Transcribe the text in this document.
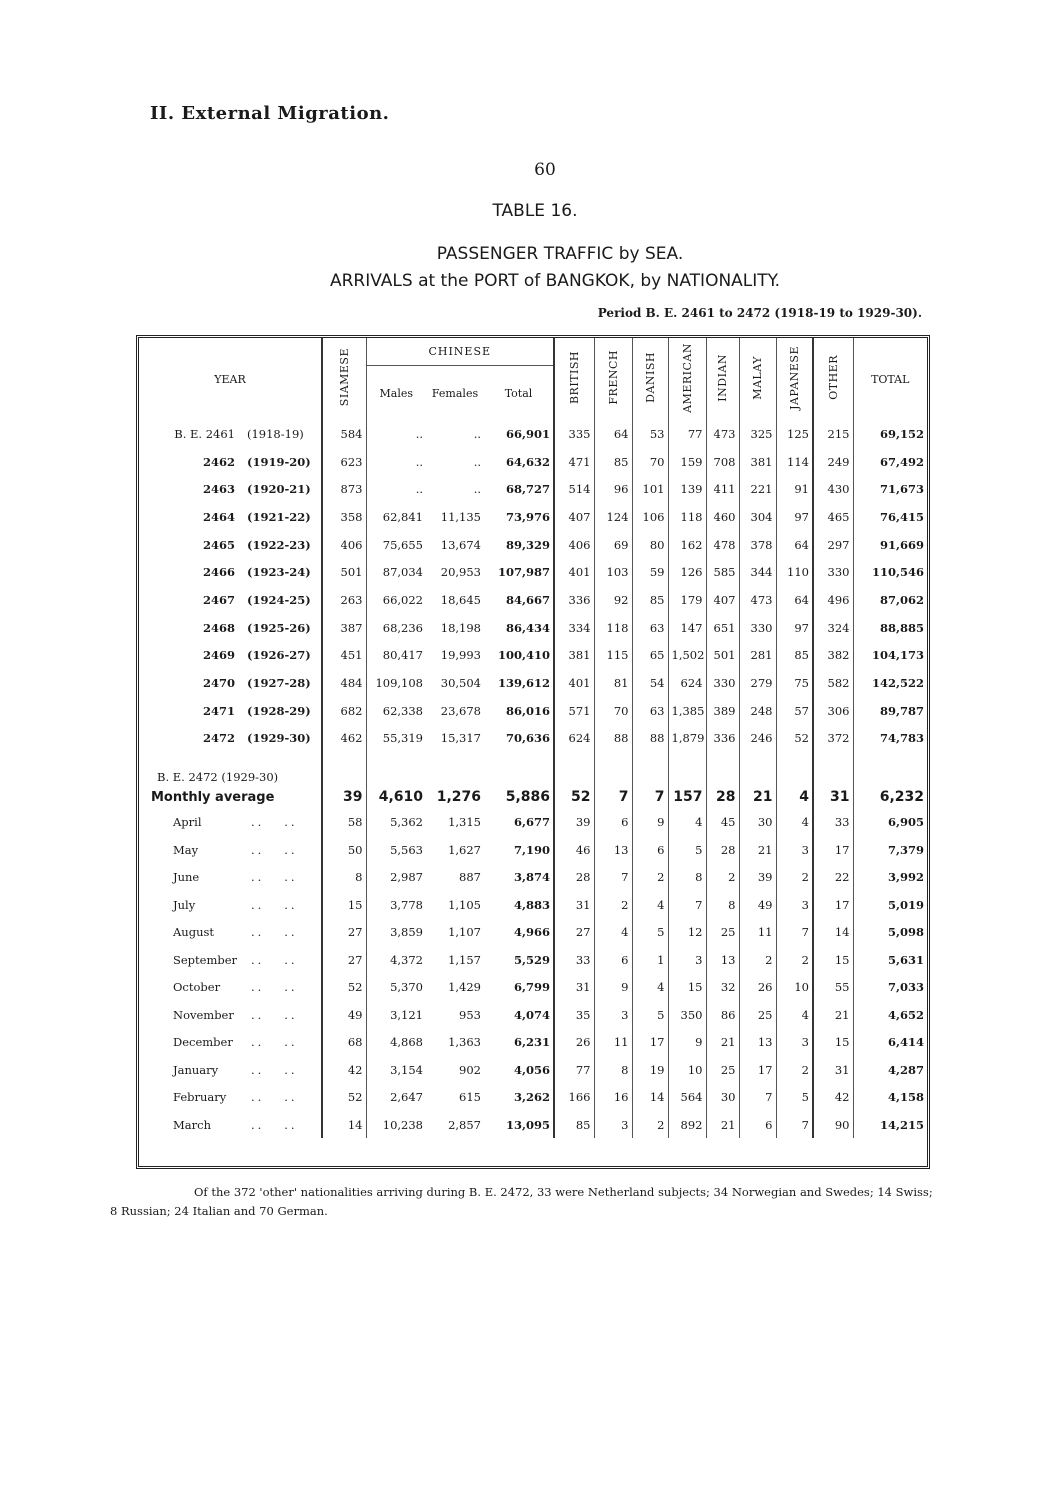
II. External Migration.
60
TABLE 16.
PASSENGER TRAFFIC by SEA.
ARRIVALS at the PORT of BANGKOK, by NATIONALITY.
Period B. E. 2461 to 2472 (1918-19 to 1929-30).
YEAR	SIAMESE	CHINESE			BRITISH	FRENCH	DANISH	AMERICAN	INDIAN	MALAY	JAPANESE	OTHER	TOTAL
		Males	Females	Total									
B. E. 2461 (1918-19)	584	..	..	66,901	335	64	53	77	473	325	125	215	69,152
2462 (1919-20)	623	..	..	64,632	471	85	70	159	708	381	114	249	67,492
2463 (1920-21)	873	..	..	68,727	514	96	101	139	411	221	91	430	71,673
2464 (1921-22)	358	62,841	11,135	73,976	407	124	106	118	460	304	97	465	76,415
2465 (1922-23)	406	75,655	13,674	89,329	406	69	80	162	478	378	64	297	91,669
2466 (1923-24)	501	87,034	20,953	107,987	401	103	59	126	585	344	110	330	110,546
2467 (1924-25)	263	66,022	18,645	84,667	336	92	85	179	407	473	64	496	87,062
2468 (1925-26)	387	68,236	18,198	86,434	334	118	63	147	651	330	97	324	88,885
2469 (1926-27)	451	80,417	19,993	100,410	381	115	65	1,502	501	281	85	382	104,173
2470 (1927-28)	484	109,108	30,504	139,612	401	81	54	624	330	279	75	582	142,522
2471 (1928-29)	682	62,338	23,678	86,016	571	70	63	1,385	389	248	57	306	89,787
2472 (1929-30)	462	55,319	15,317	70,636	624	88	88	1,879	336	246	52	372	74,783

B. E. 2472 (1929-30)													
Monthly average	39	4,610	1,276	5,886	52	7	7	157	28	21	4	31	6,232
April ..   ..	58	5,362	1,315	6,677	39	6	9	4	45	30	4	33	6,905
May ..   ..	50	5,563	1,627	7,190	46	13	6	5	28	21	3	17	7,379
June ..   ..	8	2,987	887	3,874	28	7	2	8	2	39	2	22	3,992
July ..   ..	15	3,778	1,105	4,883	31	2	4	7	8	49	3	17	5,019
August ..   ..	27	3,859	1,107	4,966	27	4	5	12	25	11	7	14	5,098
September ..   ..	27	4,372	1,157	5,529	33	6	1	3	13	2	2	15	5,631
October ..   ..	52	5,370	1,429	6,799	31	9	4	15	32	26	10	55	7,033
November ..   ..	49	3,121	953	4,074	35	3	5	350	86	25	4	21	4,652
December ..   ..	68	4,868	1,363	6,231	26	11	17	9	21	13	3	15	6,414
January ..   ..	42	3,154	902	4,056	77	8	19	10	25	17	2	31	4,287
February ..   ..	52	2,647	615	3,262	166	16	14	564	30	7	5	42	4,158
March ..   ..	14	10,238	2,857	13,095	85	3	2	892	21	6	7	90	14,215
Of the 372 'other' nationalities arriving during B. E. 2472, 33 were Netherland subjects; 34 Norwegian and Swedes; 14 Swiss; 8 Russian; 24 Italian and 70 German.
